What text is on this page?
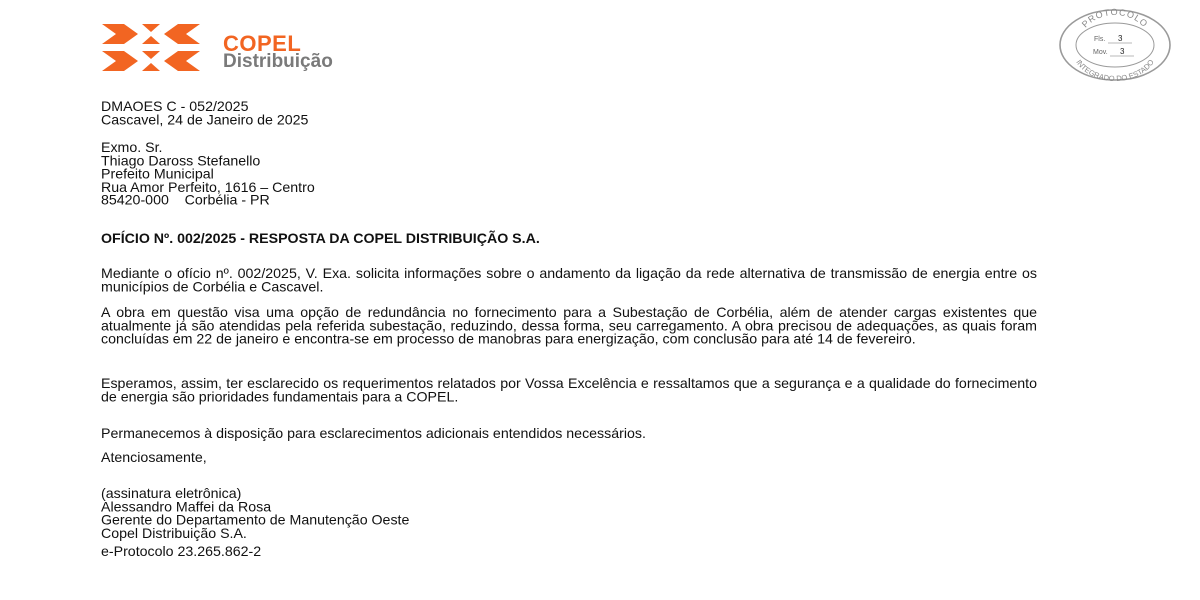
COPEL
Distribuição
PROTOCOLO
INTEGRADO DO ESTADO
Fls. 3
Mov. 3
DMAOES C - 052/2025
Cascavel, 24 de Janeiro de 2025
Exmo. Sr.
Thiago Daross Stefanello
Prefeito Municipal
Rua Amor Perfeito, 1616 – Centro
85420-000    Corbélia - PR
OFÍCIO Nº. 002/2025 - RESPOSTA DA COPEL DISTRIBUIÇÃO S.A.
Mediante o ofício nº. 002/2025, V. Exa. solicita informações sobre o andamento da ligação da rede alternativa de transmissão de energia entre os municípios de Corbélia e Cascavel.
A obra em questão visa uma opção de redundância no fornecimento para a Subestação de Corbélia, além de atender cargas existentes que atualmente já são atendidas pela referida subestação, reduzindo, dessa forma, seu carregamento. A obra precisou de adequações, as quais foram concluídas em 22 de janeiro e encontra-se em processo de manobras para energização, com conclusão para até 14 de fevereiro.
Esperamos, assim, ter esclarecido os requerimentos relatados por Vossa Excelência e ressaltamos que a segurança e a qualidade do fornecimento de energia são prioridades fundamentais para a COPEL.
Permanecemos à disposição para esclarecimentos adicionais entendidos necessários.
Atenciosamente,
(assinatura eletrônica)
Alessandro Maffei da Rosa
Gerente do Departamento de Manutenção Oeste
Copel Distribuição S.A.
e-Protocolo 23.265.862-2
